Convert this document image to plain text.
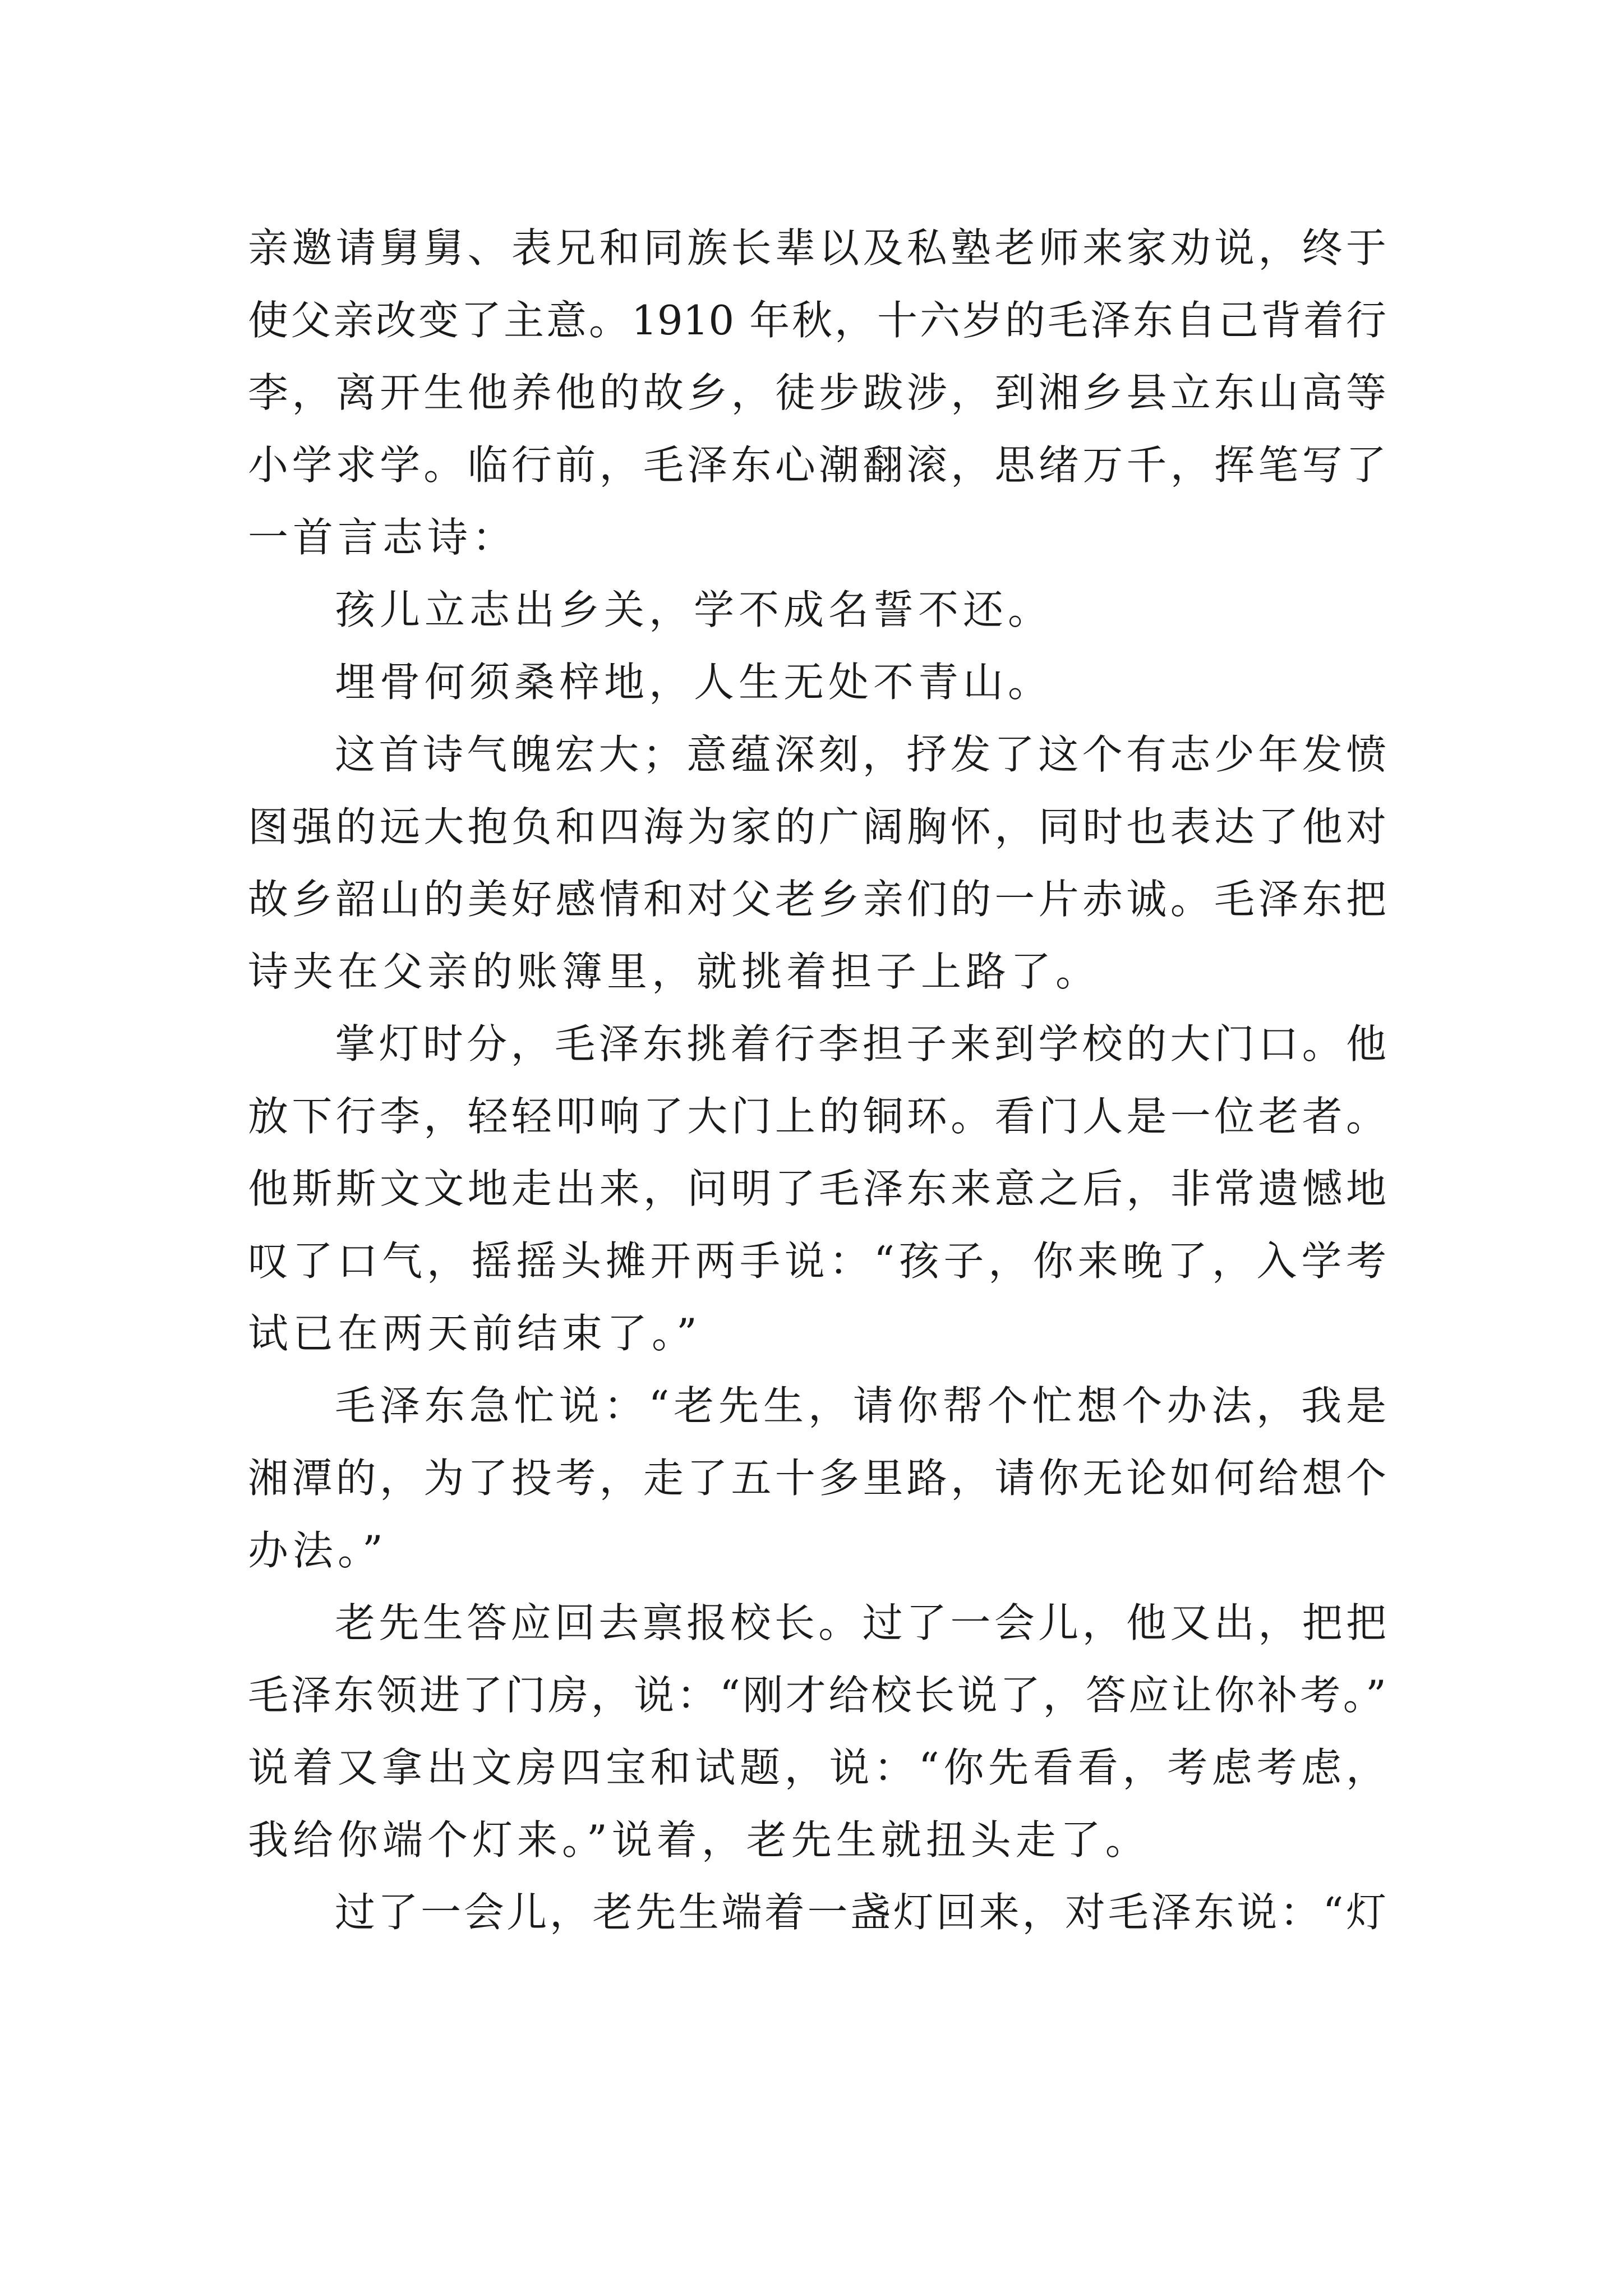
亲邀请舅舅、表兄和同族长辈以及私塾老师来家劝说，终于
使父亲改变了主意。1910 年秋，十六岁的毛泽东自己背着行
李，离开生他养他的故乡，徒步跋涉，到湘乡县立东山高等
小学求学。临行前，毛泽东心潮翻滚，思绪万千，挥笔写了
一首言志诗：
孩儿立志出乡关，学不成名誓不还。
埋骨何须桑梓地，人生无处不青山。
这首诗气魄宏大；意蕴深刻，抒发了这个有志少年发愤
图强的远大抱负和四海为家的广阔胸怀，同时也表达了他对
故乡韶山的美好感情和对父老乡亲们的一片赤诚。毛泽东把
诗夹在父亲的账簿里，就挑着担子上路了。
掌灯时分，毛泽东挑着行李担子来到学校的大门口。他
放下行李，轻轻叩响了大门上的铜环。看门人是一位老者。
他斯斯文文地走出来，问明了毛泽东来意之后，非常遗憾地
叹了口气，摇摇头摊开两手说：“孩子，你来晚了，入学考
试已在两天前结束了。”
毛泽东急忙说：“老先生，请你帮个忙想个办法，我是
湘潭的，为了投考，走了五十多里路，请你无论如何给想个
办法。”
老先生答应回去禀报校长。过了一会儿，他又出，把把
毛泽东领进了门房，说：“刚才给校长说了，答应让你补考。”
说着又拿出文房四宝和试题，说：“你先看看，考虑考虑，
我给你端个灯来。”说着，老先生就扭头走了。
过了一会儿，老先生端着一盏灯回来，对毛泽东说：“灯
